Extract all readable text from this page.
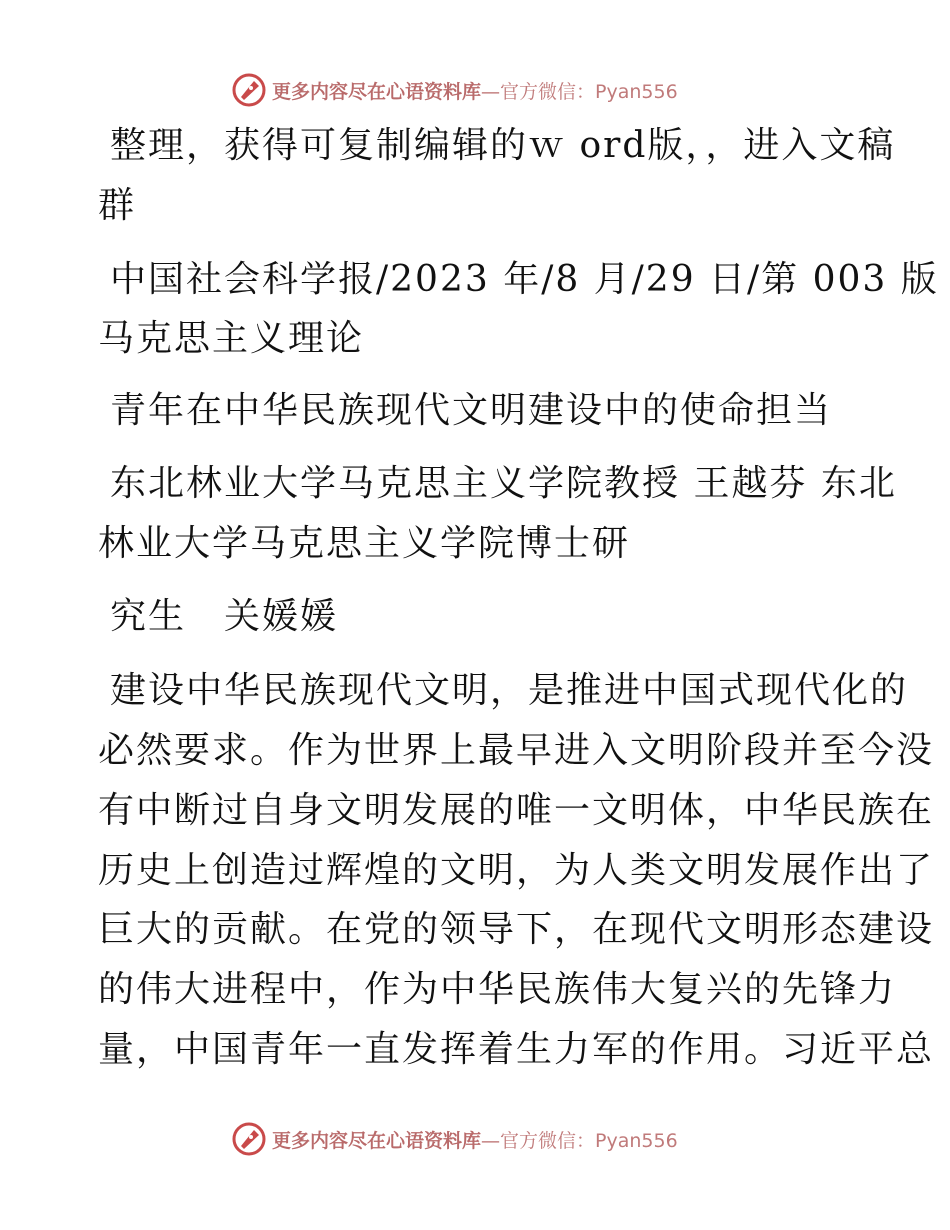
更多内容尽在心语资料库—官方微信：Pyan556
整理，获得可复制编辑的ｗ ord版，，进入文稿
群
中国社会科学报/2023 年/8 月/29 日/第 003 版
马克思主义理论
青年在中华民族现代文明建设中的使命担当
东北林业大学马克思主义学院教授 王越芬 东北
林业大学马克思主义学院博士研
究生　关媛媛
建设中华民族现代文明，是推进中国式现代化的
必然要求。作为世界上最早进入文明阶段并至今没
有中断过自身文明发展的唯一文明体，中华民族在
历史上创造过辉煌的文明，为人类文明发展作出了
巨大的贡献。在党的领导下，在现代文明形态建设
的伟大进程中，作为中华民族伟大复兴的先锋力
量，中国青年一直发挥着生力军的作用。习近平总
更多内容尽在心语资料库—官方微信：Pyan556
